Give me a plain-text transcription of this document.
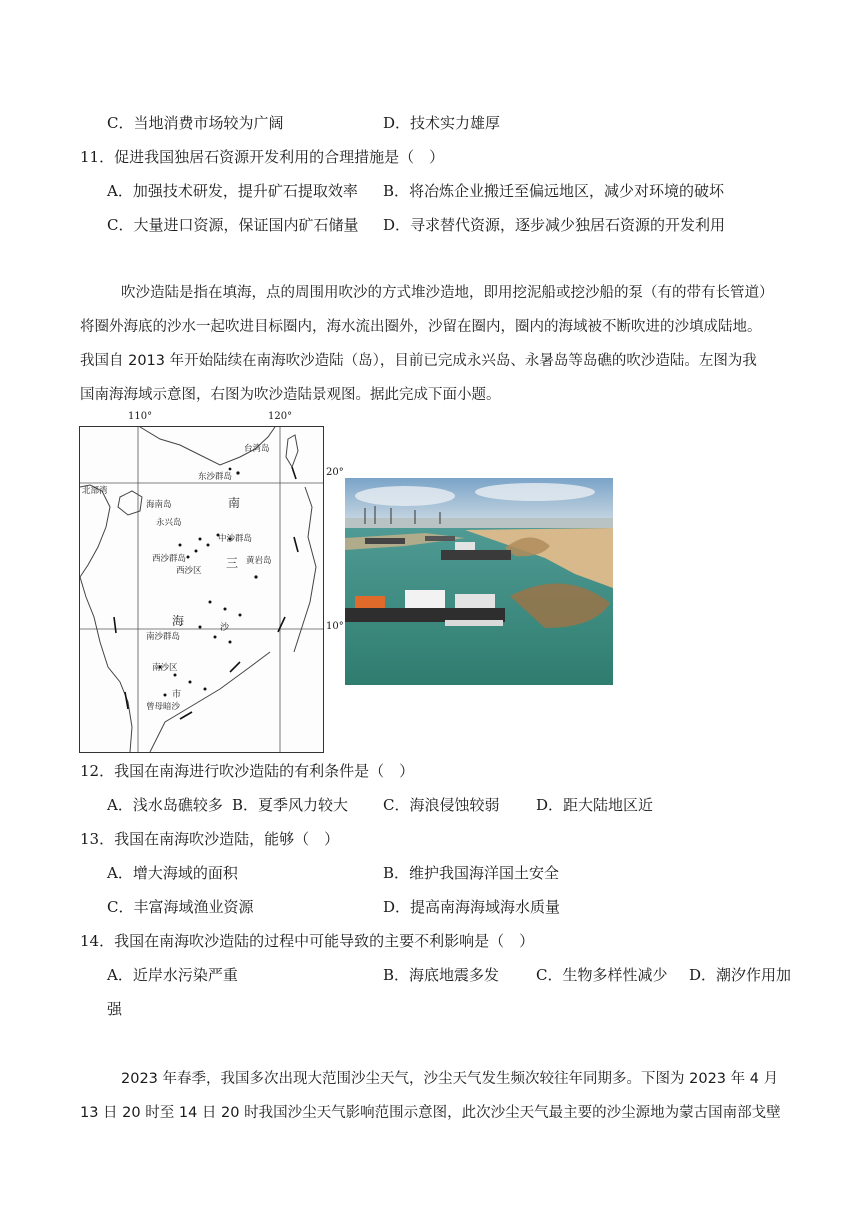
C．当地消费市场较为广阔	D．技术实力雄厚
11．促进我国独居石资源开发利用的合理措施是（　）
A．加强技术研发，提升矿石提取效率 B．将冶炼企业搬迁至偏远地区，减少对环境的破坏
C．大量进口资源，保证国内矿石储量 D．寻求替代资源，逐步减少独居石资源的开发利用
吹沙造陆是指在填海，点的周围用吹沙的方式堆沙造地，即用挖泥船或挖沙船的泵（有的带有长管道）
将圈外海底的沙水一起吹进目标圈内，海水流出圈外，沙留在圈内，圈内的海域被不断吹进的沙填成陆地。
我国自 2013 年开始陆续在南海吹沙造陆（岛），目前已完成永兴岛、永暑岛等岛礁的吹沙造陆。左图为我
国南海海域示意图，右图为吹沙造陆景观图。据此完成下面小题。
台湾岛
东沙群岛
北部湾
海南岛
永兴岛
中沙群岛
西沙群岛
西沙区
黄岩岛
南沙群岛
南沙区
曾母暗沙
南
三
海	沙
市
110°	120°
20°
10°
12．我国在南海进行吹沙造陆的有利条件是（　）
A．浅水岛礁较多 B．夏季风力较大 C．海浪侵蚀较弱 D．距大陆地区近
13．我国在南海吹沙造陆，能够（　）
A．增大海域的面积	B．维护我国海洋国土安全
C．丰富海域渔业资源	D．提高南海海域海水质量
14．我国在南海吹沙造陆的过程中可能导致的主要不利影响是（　）
A．近岸水污染严重	B．海底地震多发 C．生物多样性减少 D．潮汐作用加
强
2023 年春季，我国多次出现大范围沙尘天气，沙尘天气发生频次较往年同期多。下图为 2023 年 4 月
13 日 20 时至 14 日 20 时我国沙尘天气影响范围示意图，此次沙尘天气最主要的沙尘源地为蒙古国南部戈壁
